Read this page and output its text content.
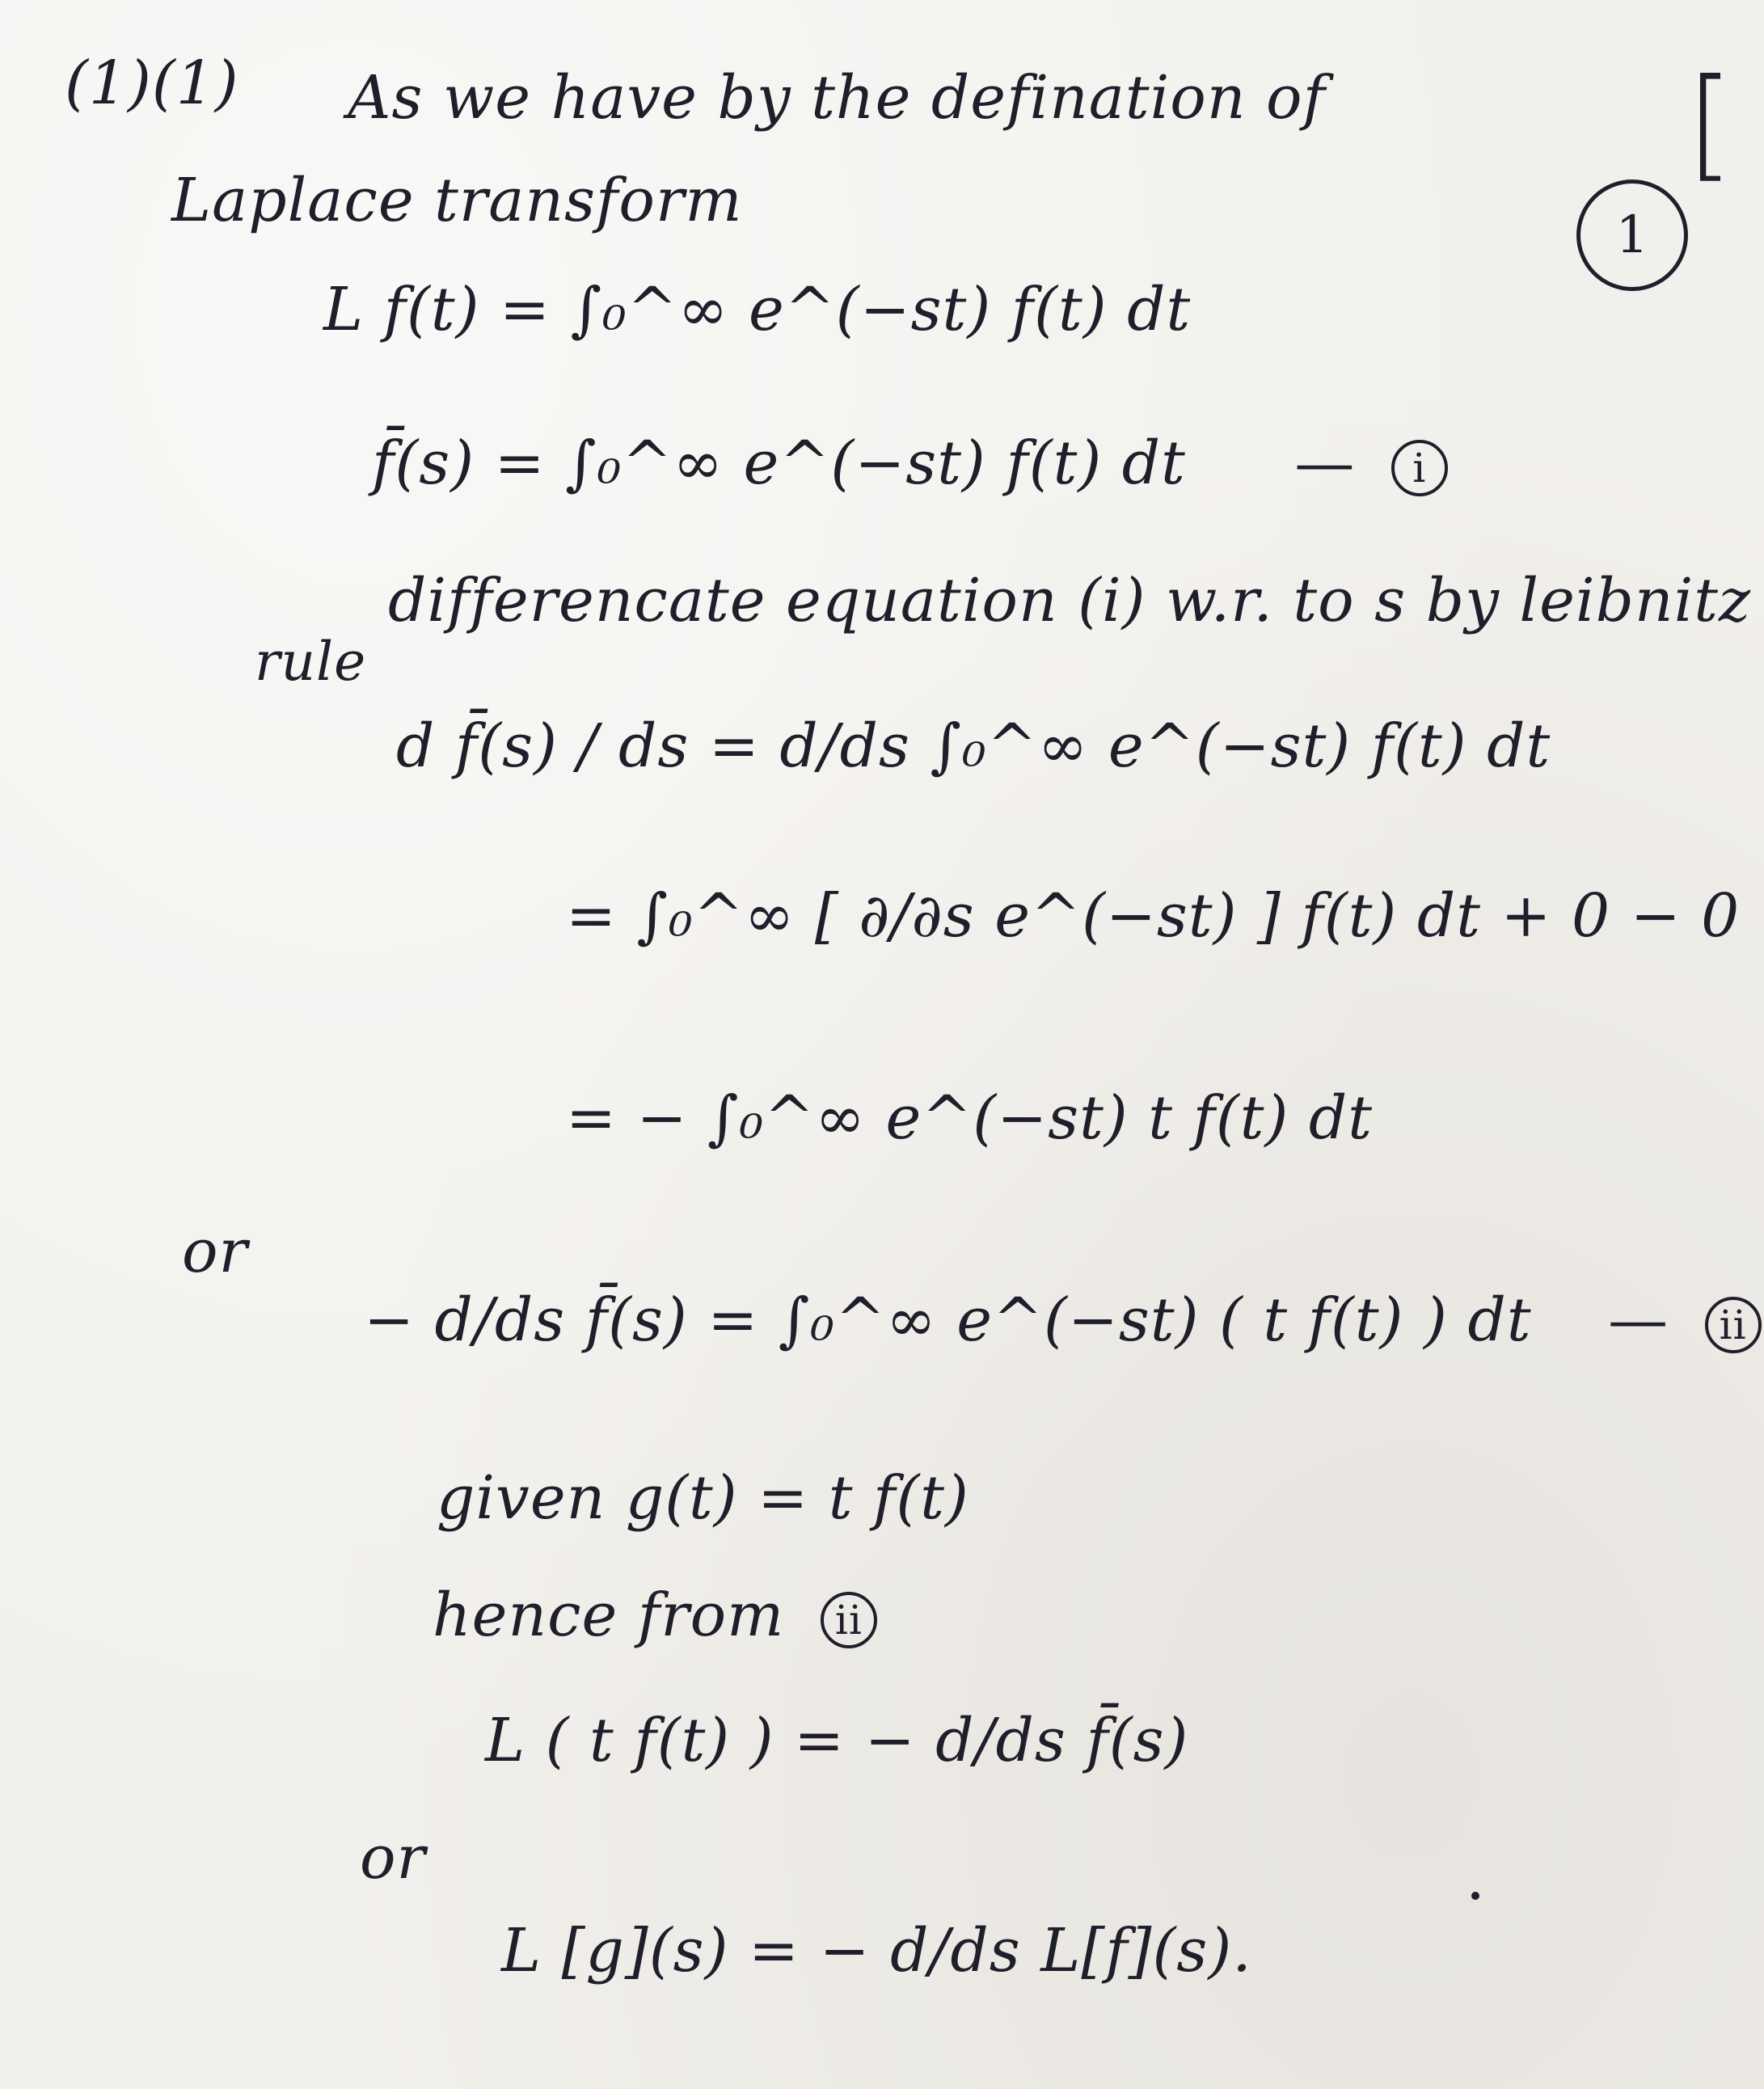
(1)(1) As we have by the defination of
Laplace transform
[
1
L f(t) = ∫₀^∞ e^(−st) f(t) dt
f̄(s) = ∫₀^∞ e^(−st) f(t) dt — i
differencate equation (i) w.r. to s by leibnitz
rule
d f̄(s) / ds = d/ds ∫₀^∞ e^(−st) f(t) dt
= ∫₀^∞ [ ∂/∂s e^(−st) ] f(t) dt + 0 − 0
= − ∫₀^∞ e^(−st) t f(t) dt
or
− d/ds f̄(s) = ∫₀^∞ e^(−st) ( t f(t) ) dt — ii
given g(t) = t f(t)
hence from ii
L ( t f(t) ) = − d/ds f̄(s)
or
L [g](s) = − d/ds L[f](s).
